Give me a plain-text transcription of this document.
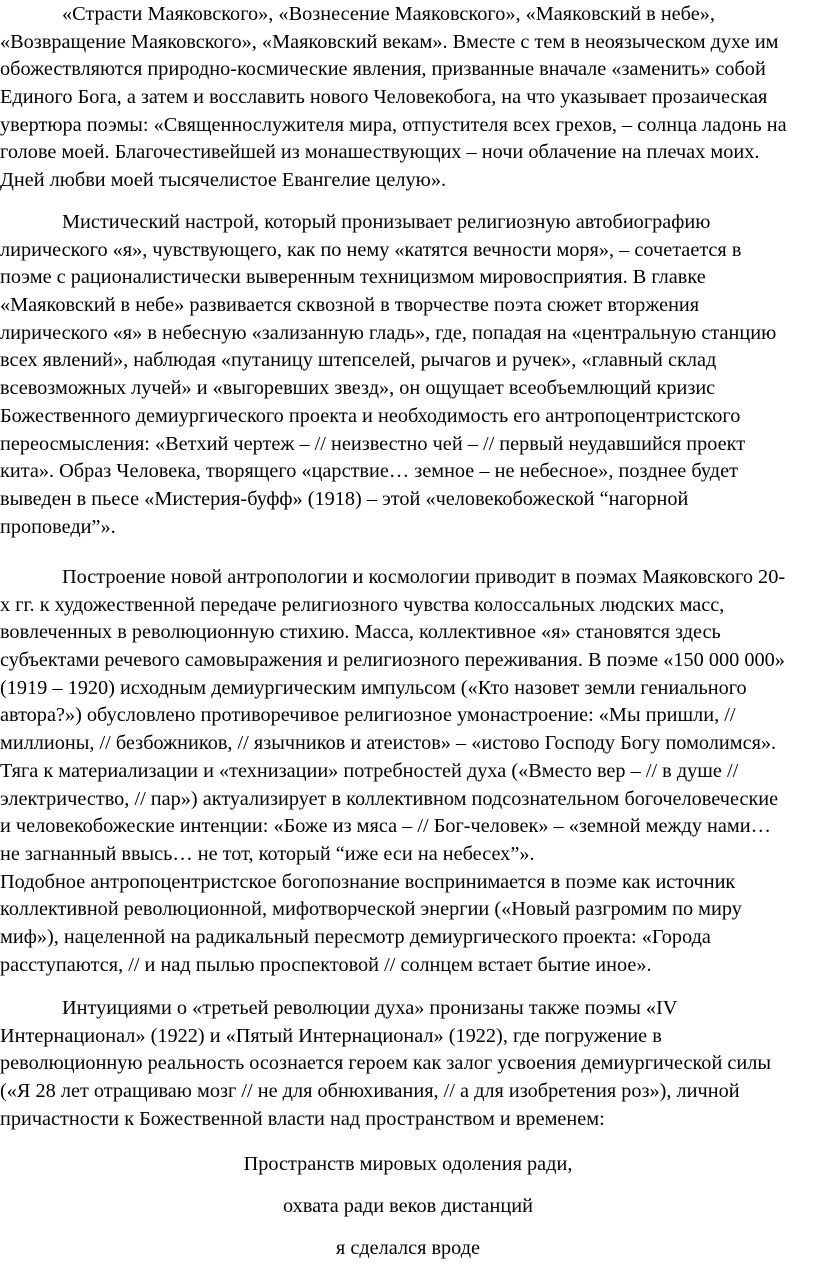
«Страсти Маяковского», «Вознесение Маяковского», «Маяковский в небе»,
«Возвращение Маяковского», «Маяковский векам». Вместе с тем в неоязыческом духе им
обожествляются природно-космические явления, призванные вначале «заменить» собой
Единого Бога, а затем и восславить нового Человекобога, на что указывает прозаическая
увертюра поэмы: «Священнослужителя мира, отпустителя всех грехов, – солнца ладонь на
голове моей. Благочестивейшей из монашествующих – ночи облачение на плечах моих.
Дней любви моей тысячелистое Евангелие целую».
Мистический настрой, который пронизывает религиозную автобиографию
лирического «я», чувствующего, как по нему «катятся вечности моря», – сочетается в
поэме с рационалистически выверенным техницизмом мировосприятия. В главке
«Маяковский в небе» развивается сквозной в творчестве поэта сюжет вторжения
лирического «я» в небесную «зализанную гладь», где, попадая на «центральную станцию
всех явлений», наблюдая «путаницу штепселей, рычагов и ручек», «главный склад
всевозможных лучей» и «выгоревших звезд», он ощущает всеобъемлющий кризис
Божественного демиургического проекта и необходимость его антропоцентристского
переосмысления: «Ветхий чертеж – // неизвестно чей – // первый неудавшийся проект
кита». Образ Человека, творящего «царствие… земное – не небесное», позднее будет
выведен в пьесе «Мистерия-буфф» (1918) – этой «человекобожеской “нагорной
проповеди”».
Построение новой антропологии и космологии приводит в поэмах Маяковского 20-
х гг. к художественной передаче религиозного чувства колоссальных людских масс,
вовлеченных в революционную стихию. Масса, коллективное «я» становятся здесь
субъектами речевого самовыражения и религиозного переживания. В поэме «150 000 000»
(1919 – 1920) исходным демиургическим импульсом («Кто назовет земли гениального
автора?») обусловлено противоречивое религиозное умонастроение: «Мы пришли, //
миллионы, // безбожников, // язычников и атеистов» – «истово Господу Богу помолимся».
Тяга к материализации и «технизации» потребностей духа («Вместо вер – // в душе //
электричество, // пар») актуализирует в коллективном подсознательном богочеловеческие
и человекобожеские интенции: «Боже из мяса – // Бог-человек» – «земной между нами…
не загнанный ввысь… не тот, который “иже еси на небесех”».
Подобное антропоцентристское богопознание воспринимается в поэме как источник
коллективной революционной, мифотворческой энергии («Новый разгромим по миру
миф»), нацеленной на радикальный пересмотр демиургического проекта: «Города
расступаются, // и над пылью проспектовой // солнцем встает бытие иное».
Интуициями о «третьей революции духа» пронизаны также поэмы «IV
Интернационал» (1922) и «Пятый Интернационал» (1922), где погружение в
революционную реальность осознается героем как залог усвоения демиургической силы
(«Я 28 лет отращиваю мозг // не для обнюхивания, // а для изобретения роз»), личной
причастности к Божественной власти над пространством и временем:
Пространств мировых одоления ради,
охвата ради веков дистанций
я сделался вроде
